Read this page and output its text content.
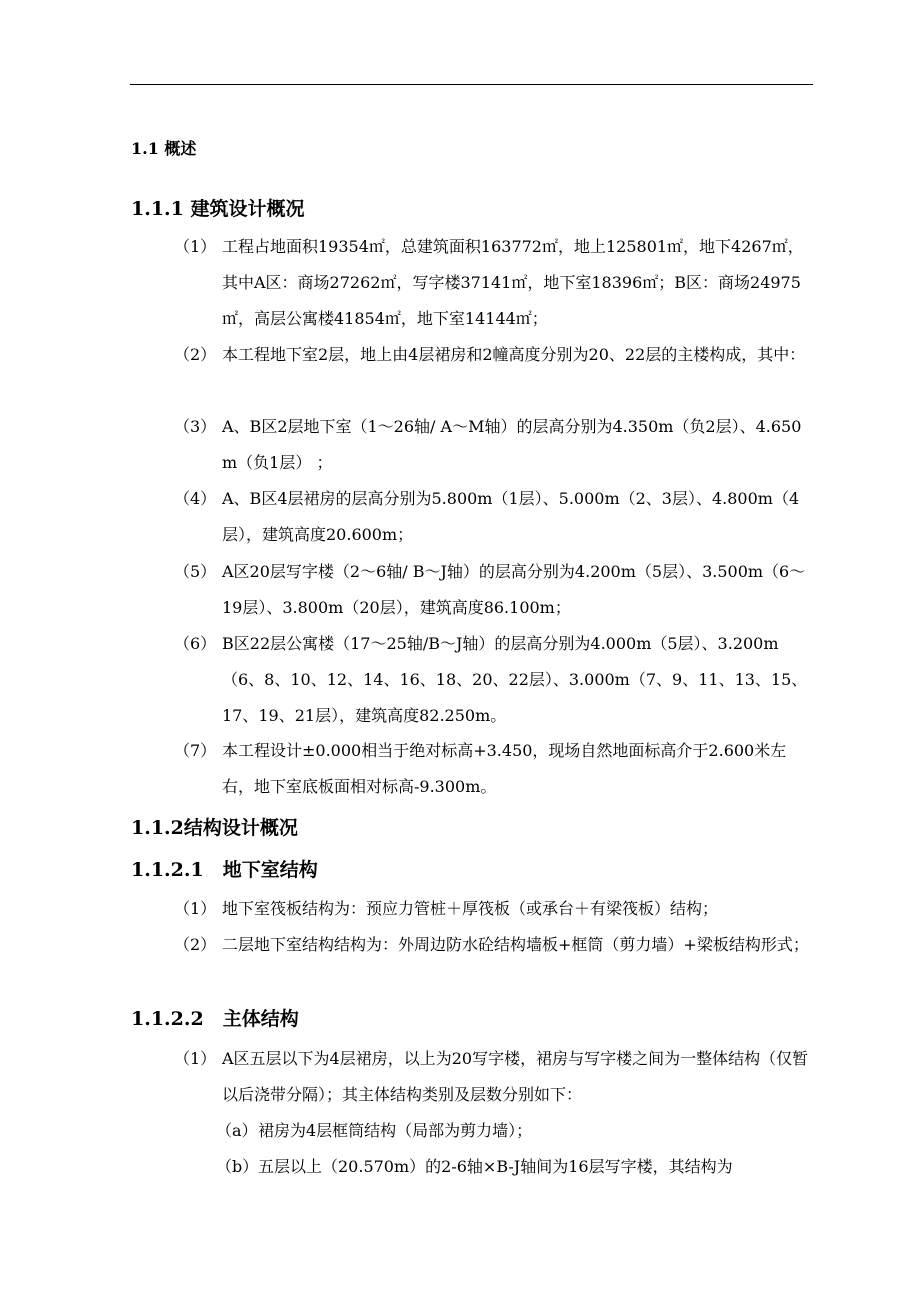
1.1 概述
1.1.1 建筑设计概况
（1） 工程占地面积19354㎡，总建筑面积163772㎡，地上125801㎡，地下4267㎡，其中A区：商场27262㎡，写字楼37141㎡，地下室18396㎡；B区：商场24975㎡，高层公寓楼41854㎡，地下室14144㎡；
（2） 本工程地下室2层，地上由4层裙房和2幢高度分别为20、22层的主楼构成，其中：
（3） A、B区2层地下室（1～26轴/ A～M轴）的层高分别为4.350m（负2层）、4.650m（负1层） ；
（4） A、B区4层裙房的层高分别为5.800m（1层）、5.000m（2、3层）、4.800m（4层），建筑高度20.600m；
（5） A区20层写字楼（2～6轴/ B～J轴）的层高分别为4.200m（5层）、3.500m（6～19层）、3.800m（20层），建筑高度86.100m；
（6） B区22层公寓楼（17～25轴/B～J轴）的层高分别为4.000m（5层）、3.200m（6、8、10、12、14、16、18、20、22层）、3.000m（7、9、11、13、15、17、19、21层），建筑高度82.250m。
（7） 本工程设计±0.000相当于绝对标高+3.450，现场自然地面标高介于2.600米左右，地下室底板面相对标高-9.300m。
1.1.2结构设计概况
1.1.2.1　地下室结构
（1） 地下室筏板结构为：预应力管桩＋厚筏板（或承台＋有梁筏板）结构；
（2） 二层地下室结构结构为：外周边防水砼结构墙板+框筒（剪力墙）+梁板结构形式；
1.1.2.2　主体结构
（1） A区五层以下为4层裙房，以上为20写字楼，裙房与写字楼之间为一整体结构（仅暂以后浇带分隔）；其主体结构类别及层数分别如下：
（a） 裙房为4层框筒结构（局部为剪力墙）；
（b） 五层以上（20.570m）的2-6轴×B-J轴间为16层写字楼，其结构为
